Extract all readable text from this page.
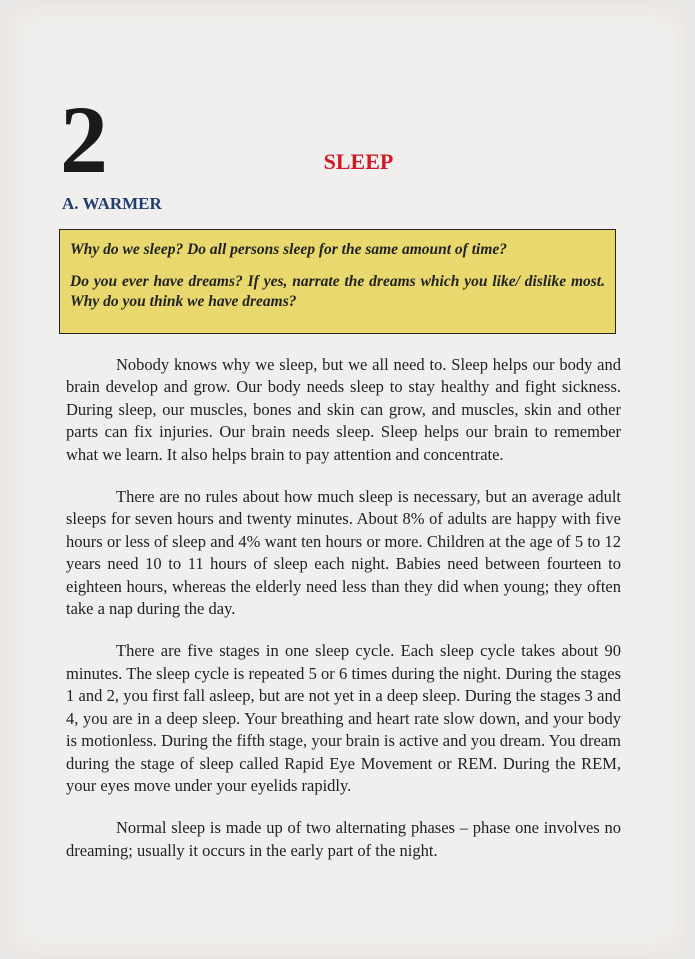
2	SLEEP
A. WARMER

Why do we sleep? Do all persons sleep for the same amount of time?

Do you ever have dreams? If yes, narrate the dreams which you like/ dislike most. Why do you think we have dreams?

Nobody knows why we sleep, but we all need to. Sleep helps our body and brain develop and grow. Our body needs sleep to stay healthy and fight sickness. During sleep, our muscles, bones and skin can grow, and muscles, skin and other parts can fix injuries. Our brain needs sleep. Sleep helps our brain to remember what we learn. It also helps brain to pay attention and concentrate.

There are no rules about how much sleep is necessary, but an average adult sleeps for seven hours and twenty minutes. About 8% of adults are happy with five hours or less of sleep and 4% want ten hours or more. Children at the age of 5 to 12 years need 10 to 11 hours of sleep each night. Babies need between fourteen to eighteen hours, whereas the elderly need less than they did when young; they often take a nap during the day.

There are five stages in one sleep cycle. Each sleep cycle takes about 90 minutes. The sleep cycle is repeated 5 or 6 times during the night. During the stages 1 and 2, you first fall asleep, but are not yet in a deep sleep. During the stages 3 and 4, you are in a deep sleep. Your breathing and heart rate slow down, and your body is motionless. During the fifth stage, your brain is active and you dream. You dream during the stage of sleep called Rapid Eye Movement or REM. During the REM, your eyes move under your eyelids rapidly.

Normal sleep is made up of two alternating phases – phase one involves no dreaming; usually it occurs in the early part of the night.
